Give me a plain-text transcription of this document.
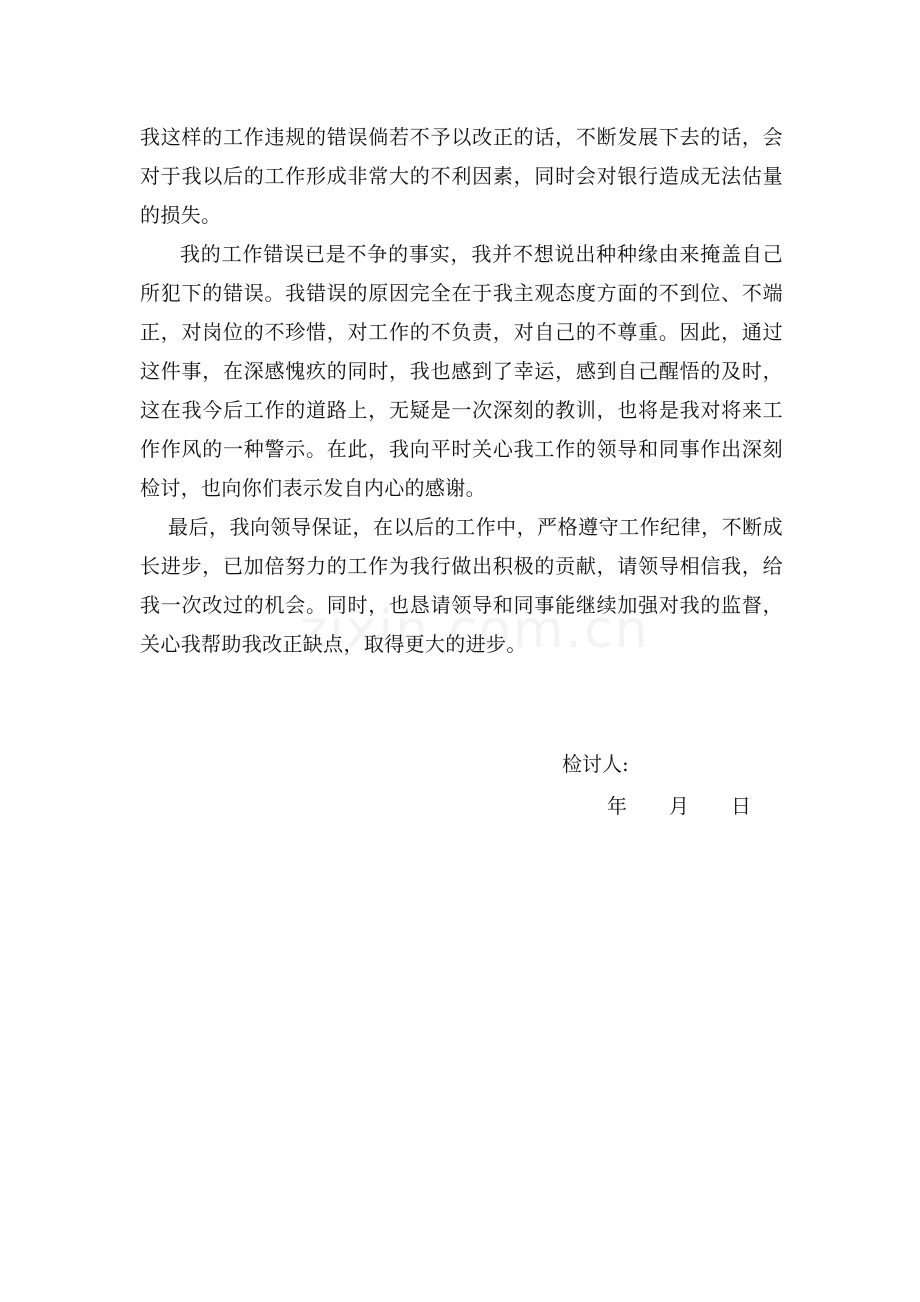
我这样的工作违规的错误倘若不予以改正的话，不断发展下去的话，会对于我以后的工作形成非常大的不利因素，同时会对银行造成无法估量的损失。

我的工作错误已是不争的事实，我并不想说出种种缘由来掩盖自己所犯下的错误。我错误的原因完全在于我主观态度方面的不到位、不端正，对岗位的不珍惜，对工作的不负责，对自己的不尊重。因此，通过这件事，在深感愧疚的同时，我也感到了幸运，感到自己醒悟的及时，这在我今后工作的道路上，无疑是一次深刻的教训，也将是我对将来工作作风的一种警示。在此，我向平时关心我工作的领导和同事作出深刻检讨，也向你们表示发自内心的感谢。

最后，我向领导保证，在以后的工作中，严格遵守工作纪律，不断成长进步，已加倍努力的工作为我行做出积极的贡献，请领导相信我，给我一次改过的机会。同时，也恳请领导和同事能继续加强对我的监督，关心我帮助我改正缺点，取得更大的进步。

检讨人:
年 月 日
